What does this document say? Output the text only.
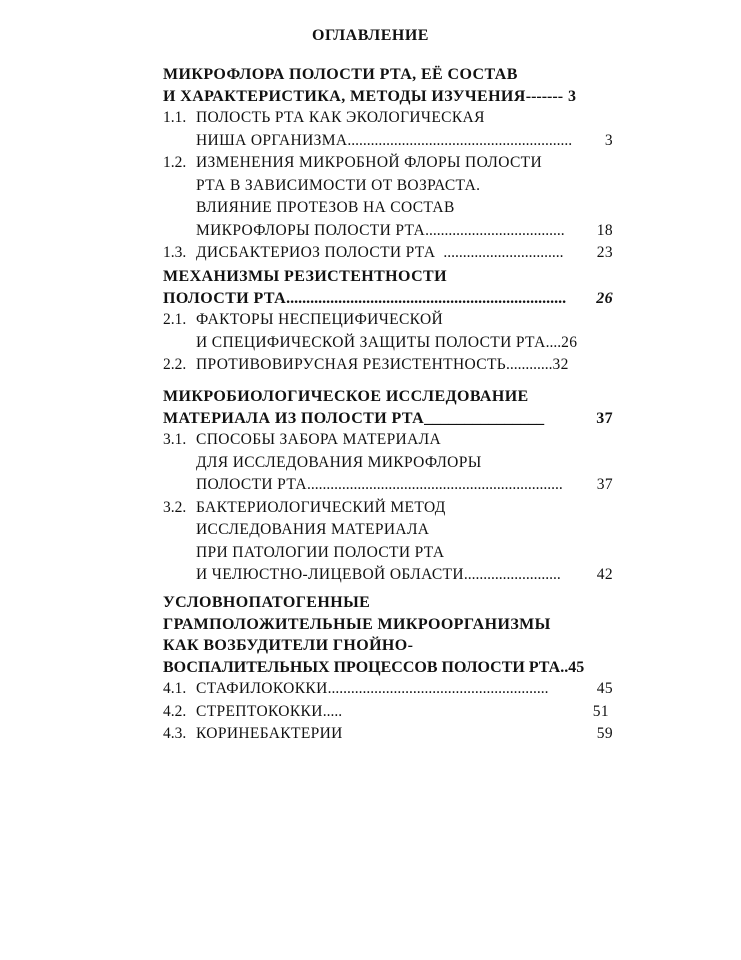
ОГЛАВЛЕНИЕ
МИКРОФЛОРА ПОЛОСТИ РТА, ЕЁ СОСТАВ
И ХАРАКТЕРИСТИКА, МЕТОДЫ ИЗУЧЕНИЯ ------- 3
1.1. ПОЛОСТЬ РТА КАК ЭКОЛОГИЧЕСКАЯ
НИША ОРГАНИЗМА ..........................................................	3
1.2. ИЗМЕНЕНИЯ МИКРОБНОЙ ФЛОРЫ ПОЛОСТИ
РТА В ЗАВИСИМОСТИ ОТ ВОЗРАСТА.
ВЛИЯНИЕ ПРОТЕЗОВ НА СОСТАВ
МИКРОФЛОРЫ ПОЛОСТИ РТА ....................................	18
1.3. ДИСБАКТЕРИОЗ ПОЛОСТИ РТА ...............................	23
МЕХАНИЗМЫ РЕЗИСТЕНТНОСТИ
ПОЛОСТИ РТА ......................................................................	26
2.1. ФАКТОРЫ НЕСПЕЦИФИЧЕСКОЙ
И СПЕЦИФИЧЕСКОЙ ЗАЩИТЫ ПОЛОСТИ РТА .... 26
2.2. ПРОТИВОВИРУСНАЯ РЕЗИСТЕНТНОСТЬ ............ 32
МИКРОБИОЛОГИЧЕСКОЕ ИССЛЕДОВАНИЕ
МАТЕРИАЛА ИЗ ПОЛОСТИ РТА _______________	37
3.1. СПОСОБЫ ЗАБОРА МАТЕРИАЛА
ДЛЯ ИССЛЕДОВАНИЯ МИКРОФЛОРЫ
ПОЛОСТИ РТА ..................................................................	37
3.2. БАКТЕРИОЛОГИЧЕСКИЙ МЕТОД
ИССЛЕДОВАНИЯ МАТЕРИАЛА
ПРИ ПАТОЛОГИИ ПОЛОСТИ РТА
И ЧЕЛЮСТНО-ЛИЦЕВОЙ ОБЛАСТИ .........................	42
УСЛОВНОПАТОГЕННЫЕ
ГРАМПОЛОЖИТЕЛЬНЫЕ МИКРООРГАНИЗМЫ
КАК ВОЗБУДИТЕЛИ ГНОЙНО-
ВОСПАЛИТЕЛЬНЫХ ПРОЦЕССОВ ПОЛОСТИ РТА .. 45
4.1. СТАФИЛОКОККИ .........................................................	45
4.2. СТРЕПТОКОККИ .....	51
4.3. КОРИНЕБАКТЕРИИ	59
